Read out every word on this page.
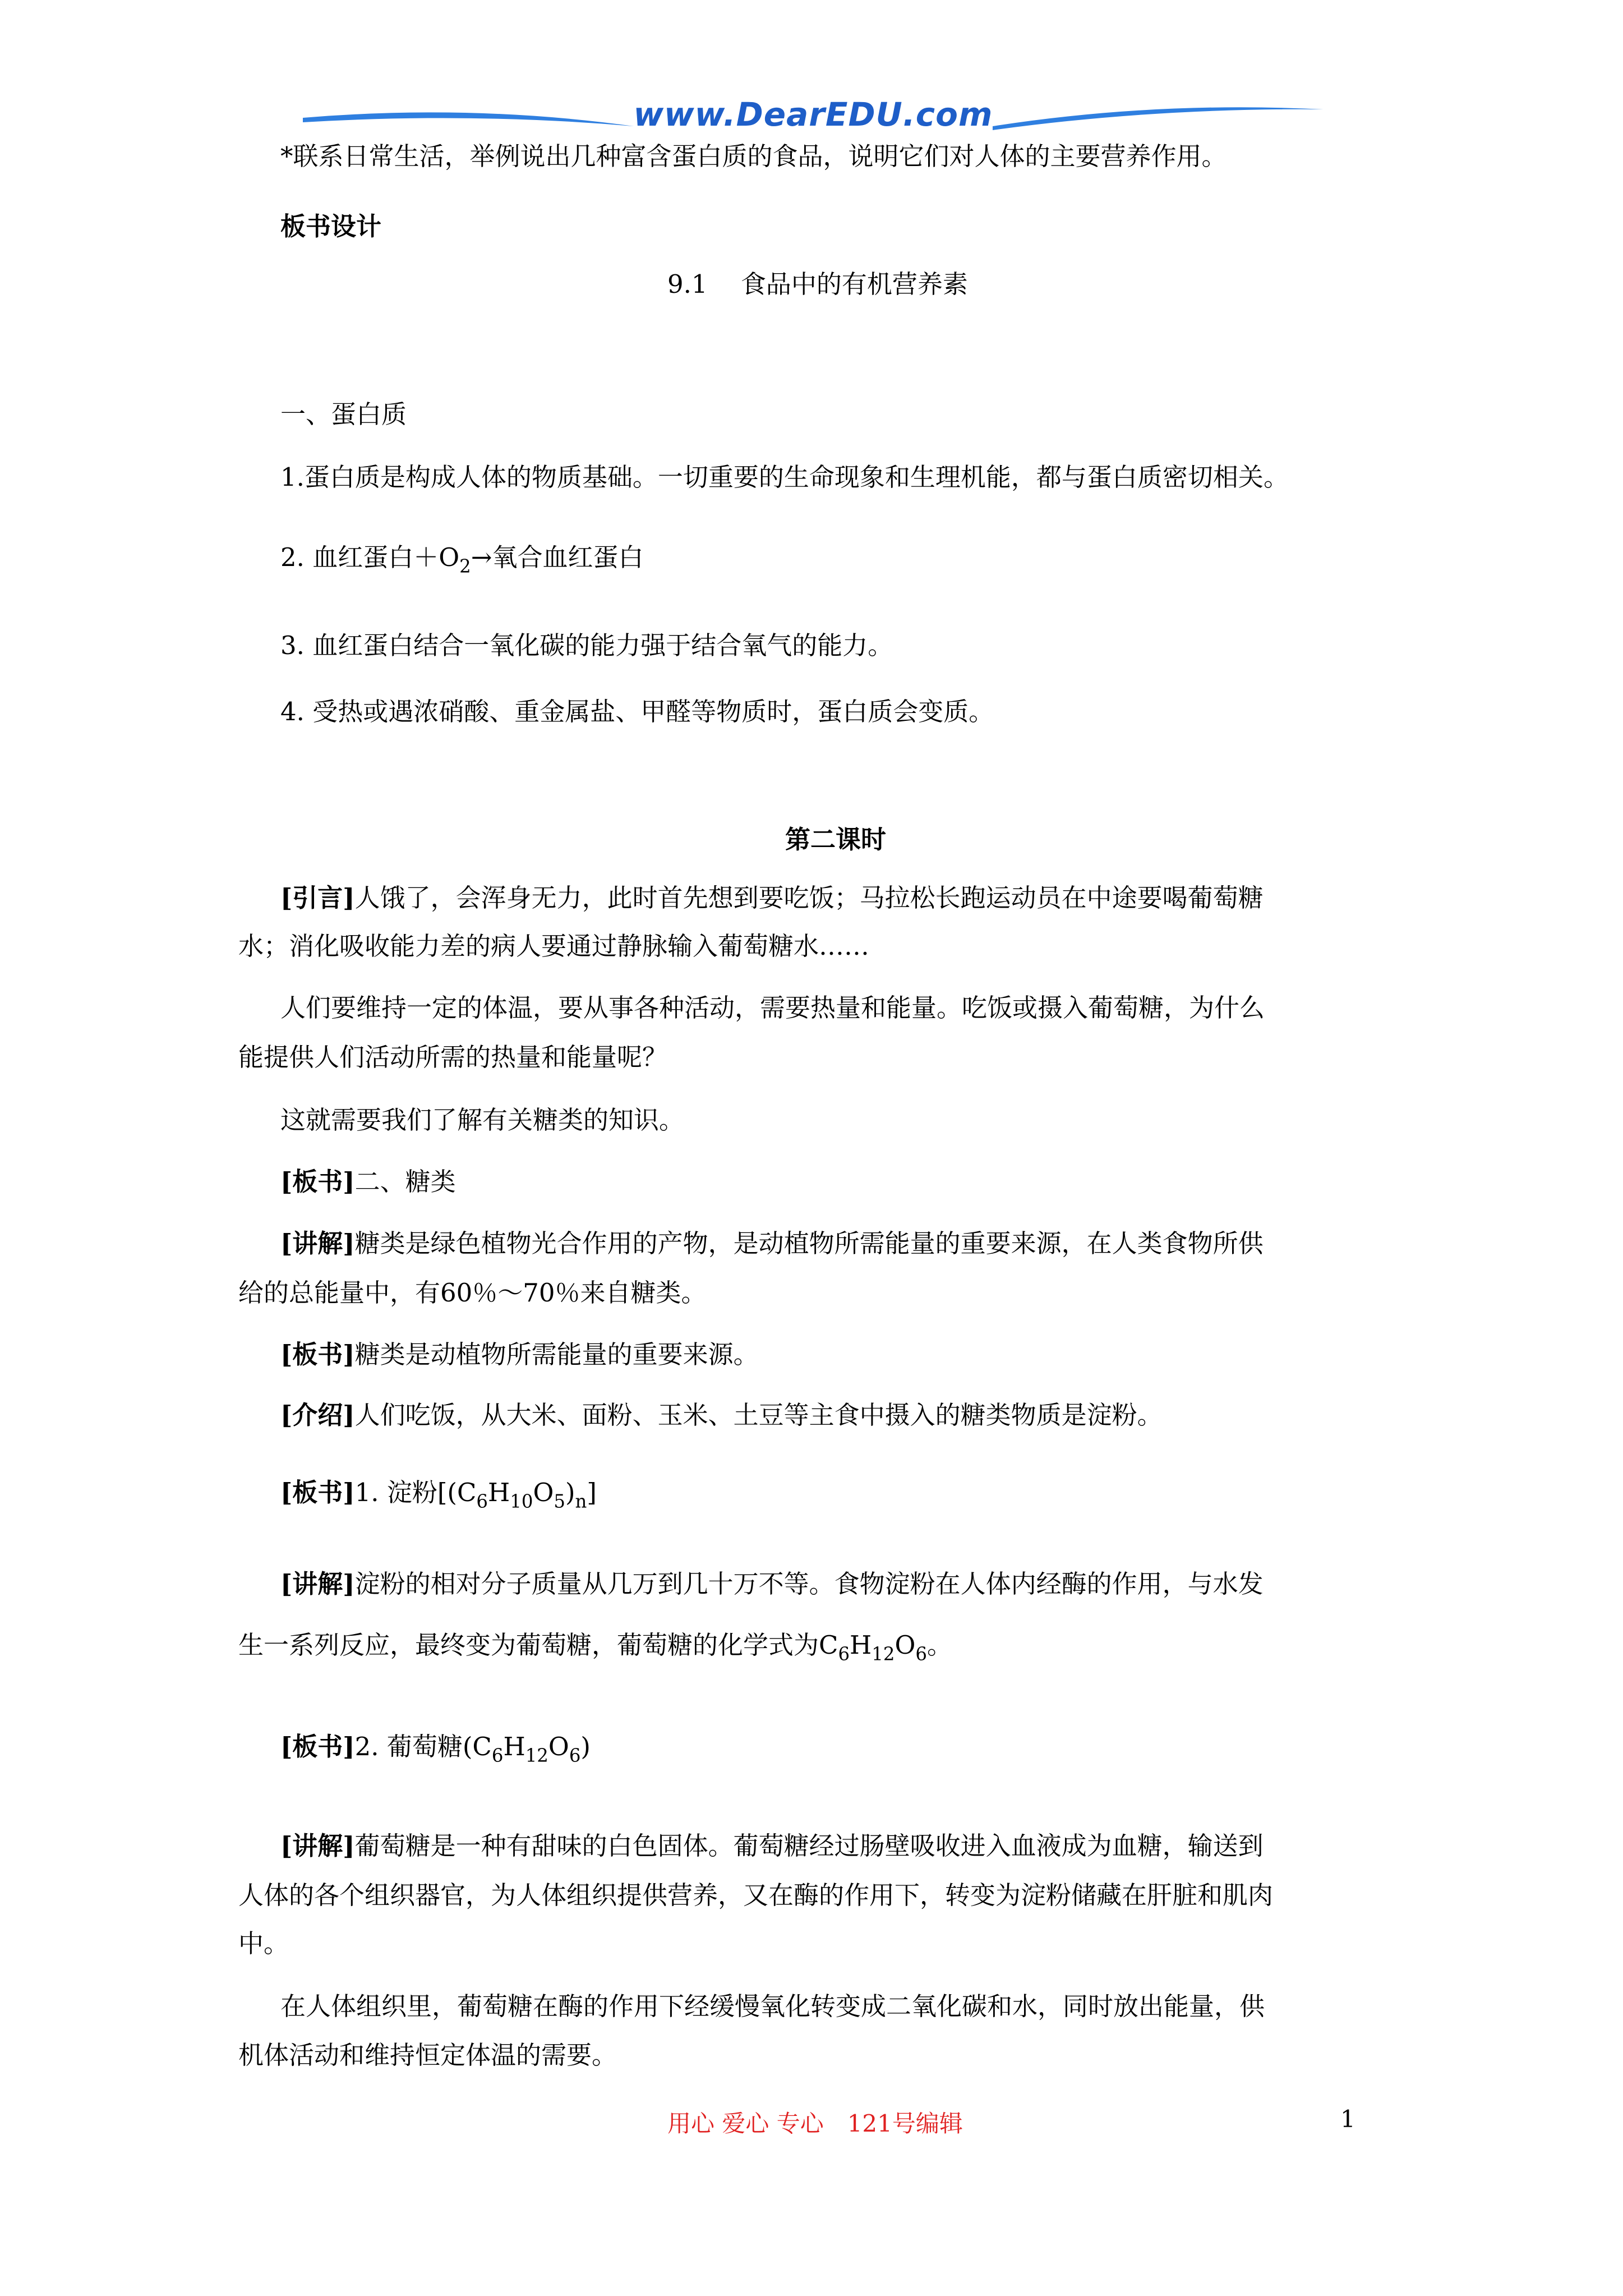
www.DearEDU.com
*联系日常生活，举例说出几种富含蛋白质的食品，说明它们对人体的主要营养作用。
板书设计
9.1　 食品中的有机营养素
一、蛋白质
1.蛋白质是构成人体的物质基础。一切重要的生命现象和生理机能，都与蛋白质密切相关。
2. 血红蛋白$+O_2\to$氧合血红蛋白
3. 血红蛋白结合一氧化碳的能力强于结合氧气的能力。
4. 受热或遇浓硝酸、重金属盐、甲醛等物质时，蛋白质会变质。
第二课时
[引言]人饿了，会浑身无力，此时首先想到要吃饭；马拉松长跑运动员在中途要喝葡萄糖
水；消化吸收能力差的病人要通过静脉输入葡萄糖水……
人们要维持一定的体温，要从事各种活动，需要热量和能量。吃饭或摄入葡萄糖，为什么
能提供人们活动所需的热量和能量呢？
这就需要我们了解有关糖类的知识。
[板书]二、糖类
[讲解]糖类是绿色植物光合作用的产物，是动植物所需能量的重要来源，在人类食物所供
给的总能量中，有60％～70％来自糖类。
[板书]糖类是动植物所需能量的重要来源。
[介绍]人们吃饭，从大米、面粉、玉米、土豆等主食中摄入的糖类物质是淀粉。
[板书]1. 淀粉$[(C_6H_{10}O_5)_n]$
[讲解]淀粉的相对分子质量从几万到几十万不等。食物淀粉在人体内经酶的作用，与水发
生一系列反应，最终变为葡萄糖，葡萄糖的化学式为$C_6H_{12}O_6$。
[板书]2. 葡萄糖$(C_6H_{12}O_6)$
[讲解]葡萄糖是一种有甜味的白色固体。葡萄糖经过肠壁吸收进入血液成为血糖，输送到
人体的各个组织器官，为人体组织提供营养，又在酶的作用下，转变为淀粉储藏在肝脏和肌肉
中。
在人体组织里，葡萄糖在酶的作用下经缓慢氧化转变成二氧化碳和水，同时放出能量，供
机体活动和维持恒定体温的需要。
用心 爱心 专心　121号编辑	1
